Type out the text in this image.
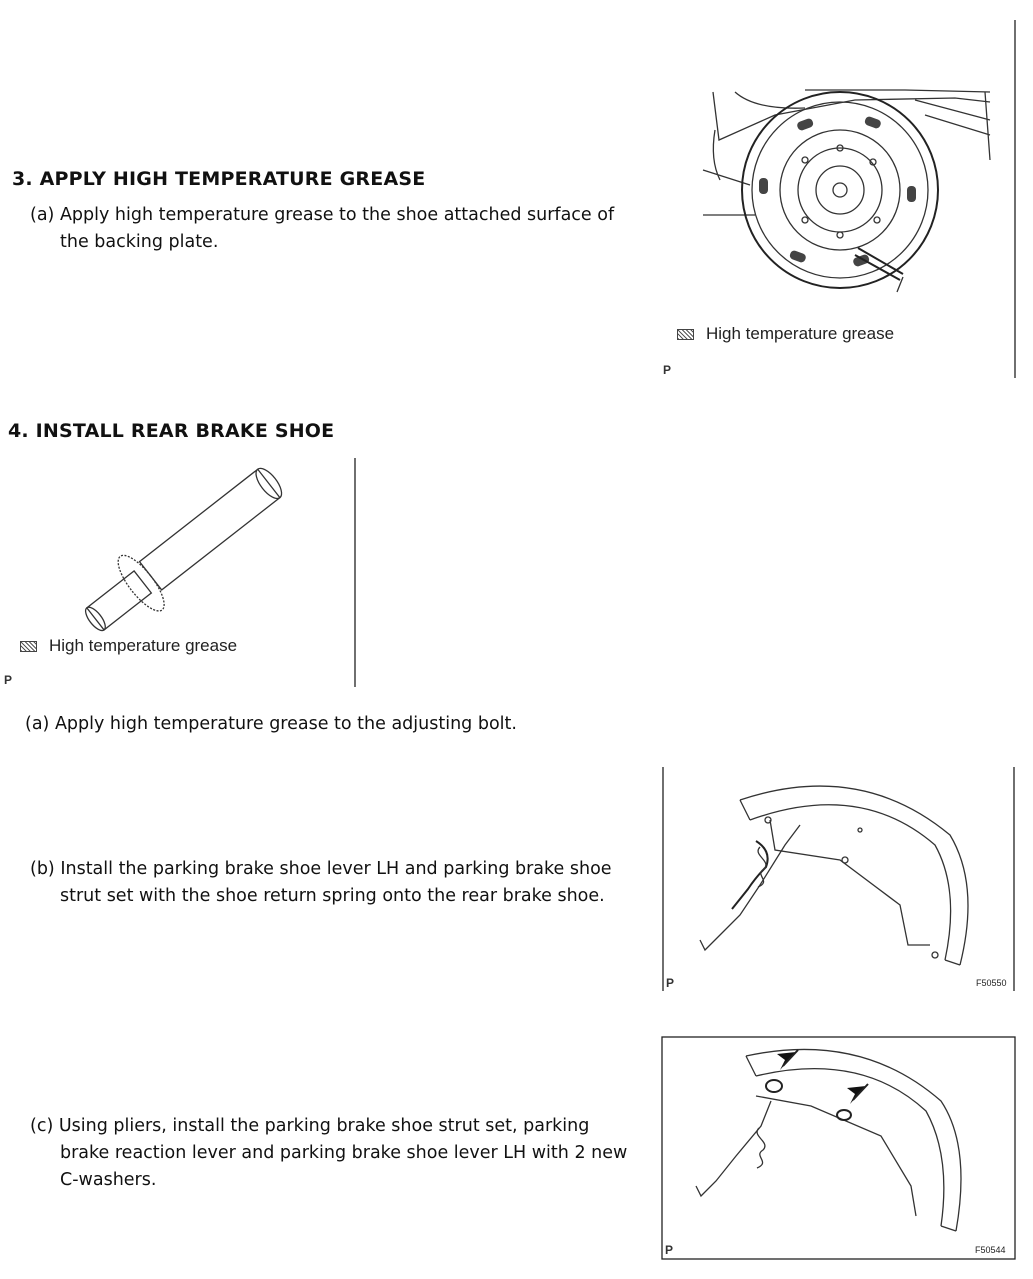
3. APPLY HIGH TEMPERATURE GREASE
(a) Apply high temperature grease to the shoe attached surface of
the backing plate.
High temperature grease
P
4. INSTALL REAR BRAKE SHOE
High temperature grease
P
(a) Apply high temperature grease to the adjusting bolt.
(b) Install the parking brake shoe lever LH and parking brake shoe
strut set with the shoe return spring onto the rear brake shoe.
P	F50550
(c) Using pliers, install the parking brake shoe strut set, parking
brake reaction lever and parking brake shoe lever LH with 2 new
C-washers.
P	F50544
